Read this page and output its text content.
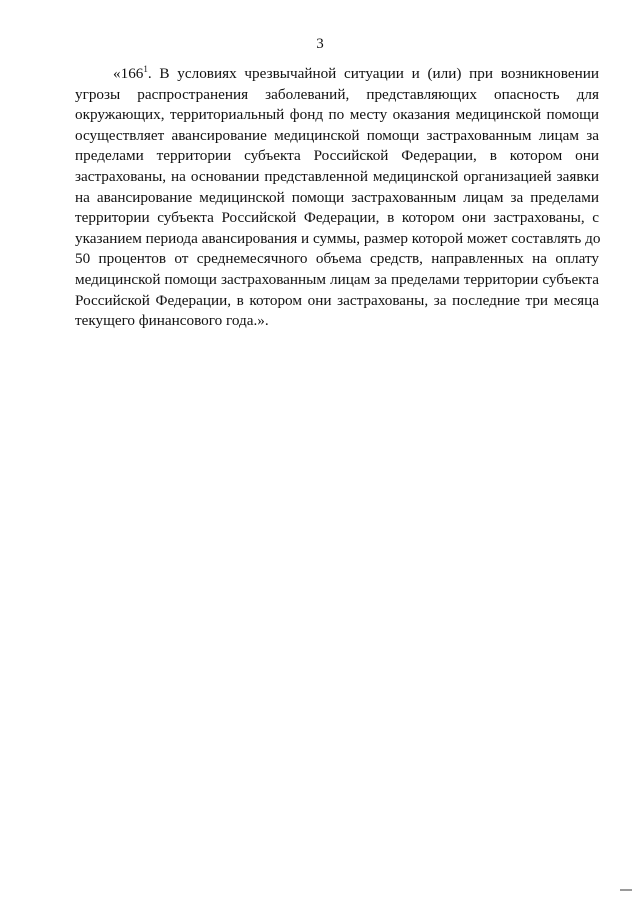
3
«$166^1$. В условиях чрезвычайной ситуации и (или) при возникновении
угрозы распространения заболеваний, представляющих опасность для
окружающих, территориальный фонд по месту оказания медицинской помощи
осуществляет авансирование медицинской помощи застрахованным лицам за
пределами территории субъекта Российской Федерации, в котором они
застрахованы, на основании представленной медицинской организацией заявки
на авансирование медицинской помощи застрахованным лицам за пределами
территории субъекта Российской Федерации, в котором они застрахованы, с
указанием периода авансирования и суммы, размер которой может составлять до
50 процентов от среднемесячного объема средств, направленных на оплату
медицинской помощи застрахованным лицам за пределами территории субъекта
Российской Федерации, в котором они застрахованы, за последние три месяца
текущего финансового года.».
